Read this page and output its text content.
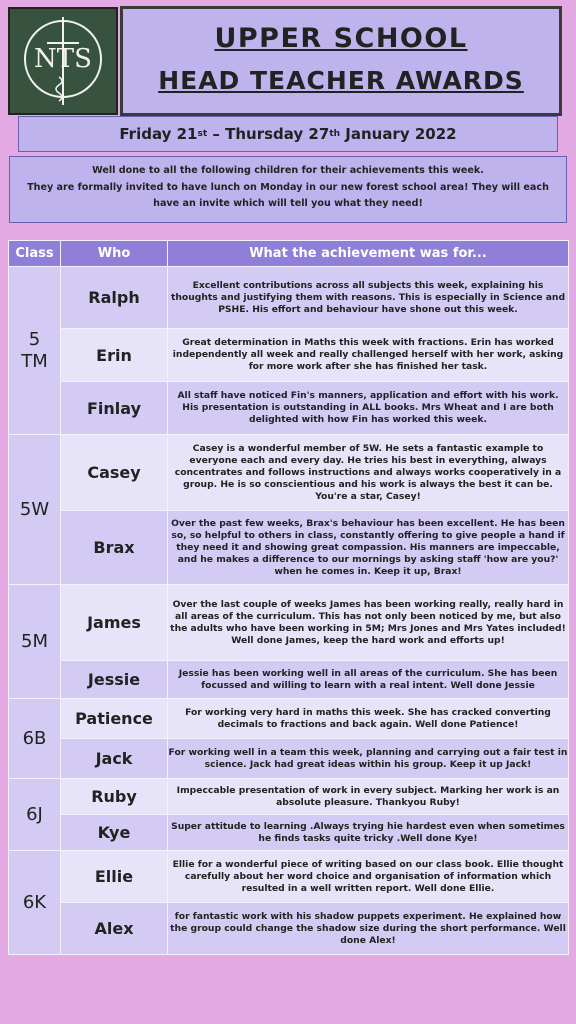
NTS
UPPER SCHOOL
HEAD TEACHER AWARDS
Friday 21 st – Thursday 27 th January 2022
Well done to all the following children for their achievements this week.
They are formally invited to have lunch on Monday in our new forest school area! They will each
have an invite which will tell you what they need!
Class	Who	What the achievement was for...
5
TM	Ralph	Excellent contributions across all subjects this week, explaining his thoughts and justifying them with reasons. This is especially in Science and PSHE. His effort and behaviour have shone out this week.
	Erin	Great determination in Maths this week with fractions. Erin has worked independently all week and really challenged herself with her work, asking for more work after she has finished her task.
	Finlay	All staff have noticed Fin's manners, application and effort with his work. His presentation is outstanding in ALL books. Mrs Wheat and I are both delighted with how Fin has worked this week.
5W	Casey	Casey is a wonderful member of 5W. He sets a fantastic example to everyone each and every day. He tries his best in everything, always concentrates and follows instructions and always works cooperatively in a group. He is so conscientious and his work is always the best it can be. You're a star, Casey!
	Brax	Over the past few weeks, Brax's behaviour has been excellent. He has been so, so helpful to others in class, constantly offering to give people a hand if they need it and showing great compassion. His manners are impeccable, and he makes a difference to our mornings by asking staff 'how are you?' when he comes in. Keep it up, Brax!
5M	James	Over the last couple of weeks James has been working really, really hard in all areas of the curriculum. This has not only been noticed by me, but also the adults who have been working in 5M; Mrs Jones and Mrs Yates included! Well done James, keep the hard work and efforts up!
	Jessie	Jessie has been working well in all areas of the curriculum. She has been focussed and willing to learn with a real intent. Well done Jessie
6B	Patience	For working very hard in maths this week. She has cracked converting decimals to fractions and back again. Well done Patience!
	Jack	For working well in a team this week, planning and carrying out a fair test in science. Jack had great ideas within his group. Keep it up Jack!
6J	Ruby	Impeccable presentation of work in every subject. Marking her work is an absolute pleasure. Thankyou Ruby!
	Kye	Super attitude to learning .Always trying hie hardest even when sometimes he finds tasks quite tricky .Well done Kye!
6K	Ellie	Ellie for a wonderful piece of writing based on our class book. Ellie thought carefully about her word choice and organisation of information which resulted in a well written report. Well done Ellie.
	Alex	for fantastic work with his shadow puppets experiment. He explained how the group could change the shadow size during the short performance. Well done Alex!
